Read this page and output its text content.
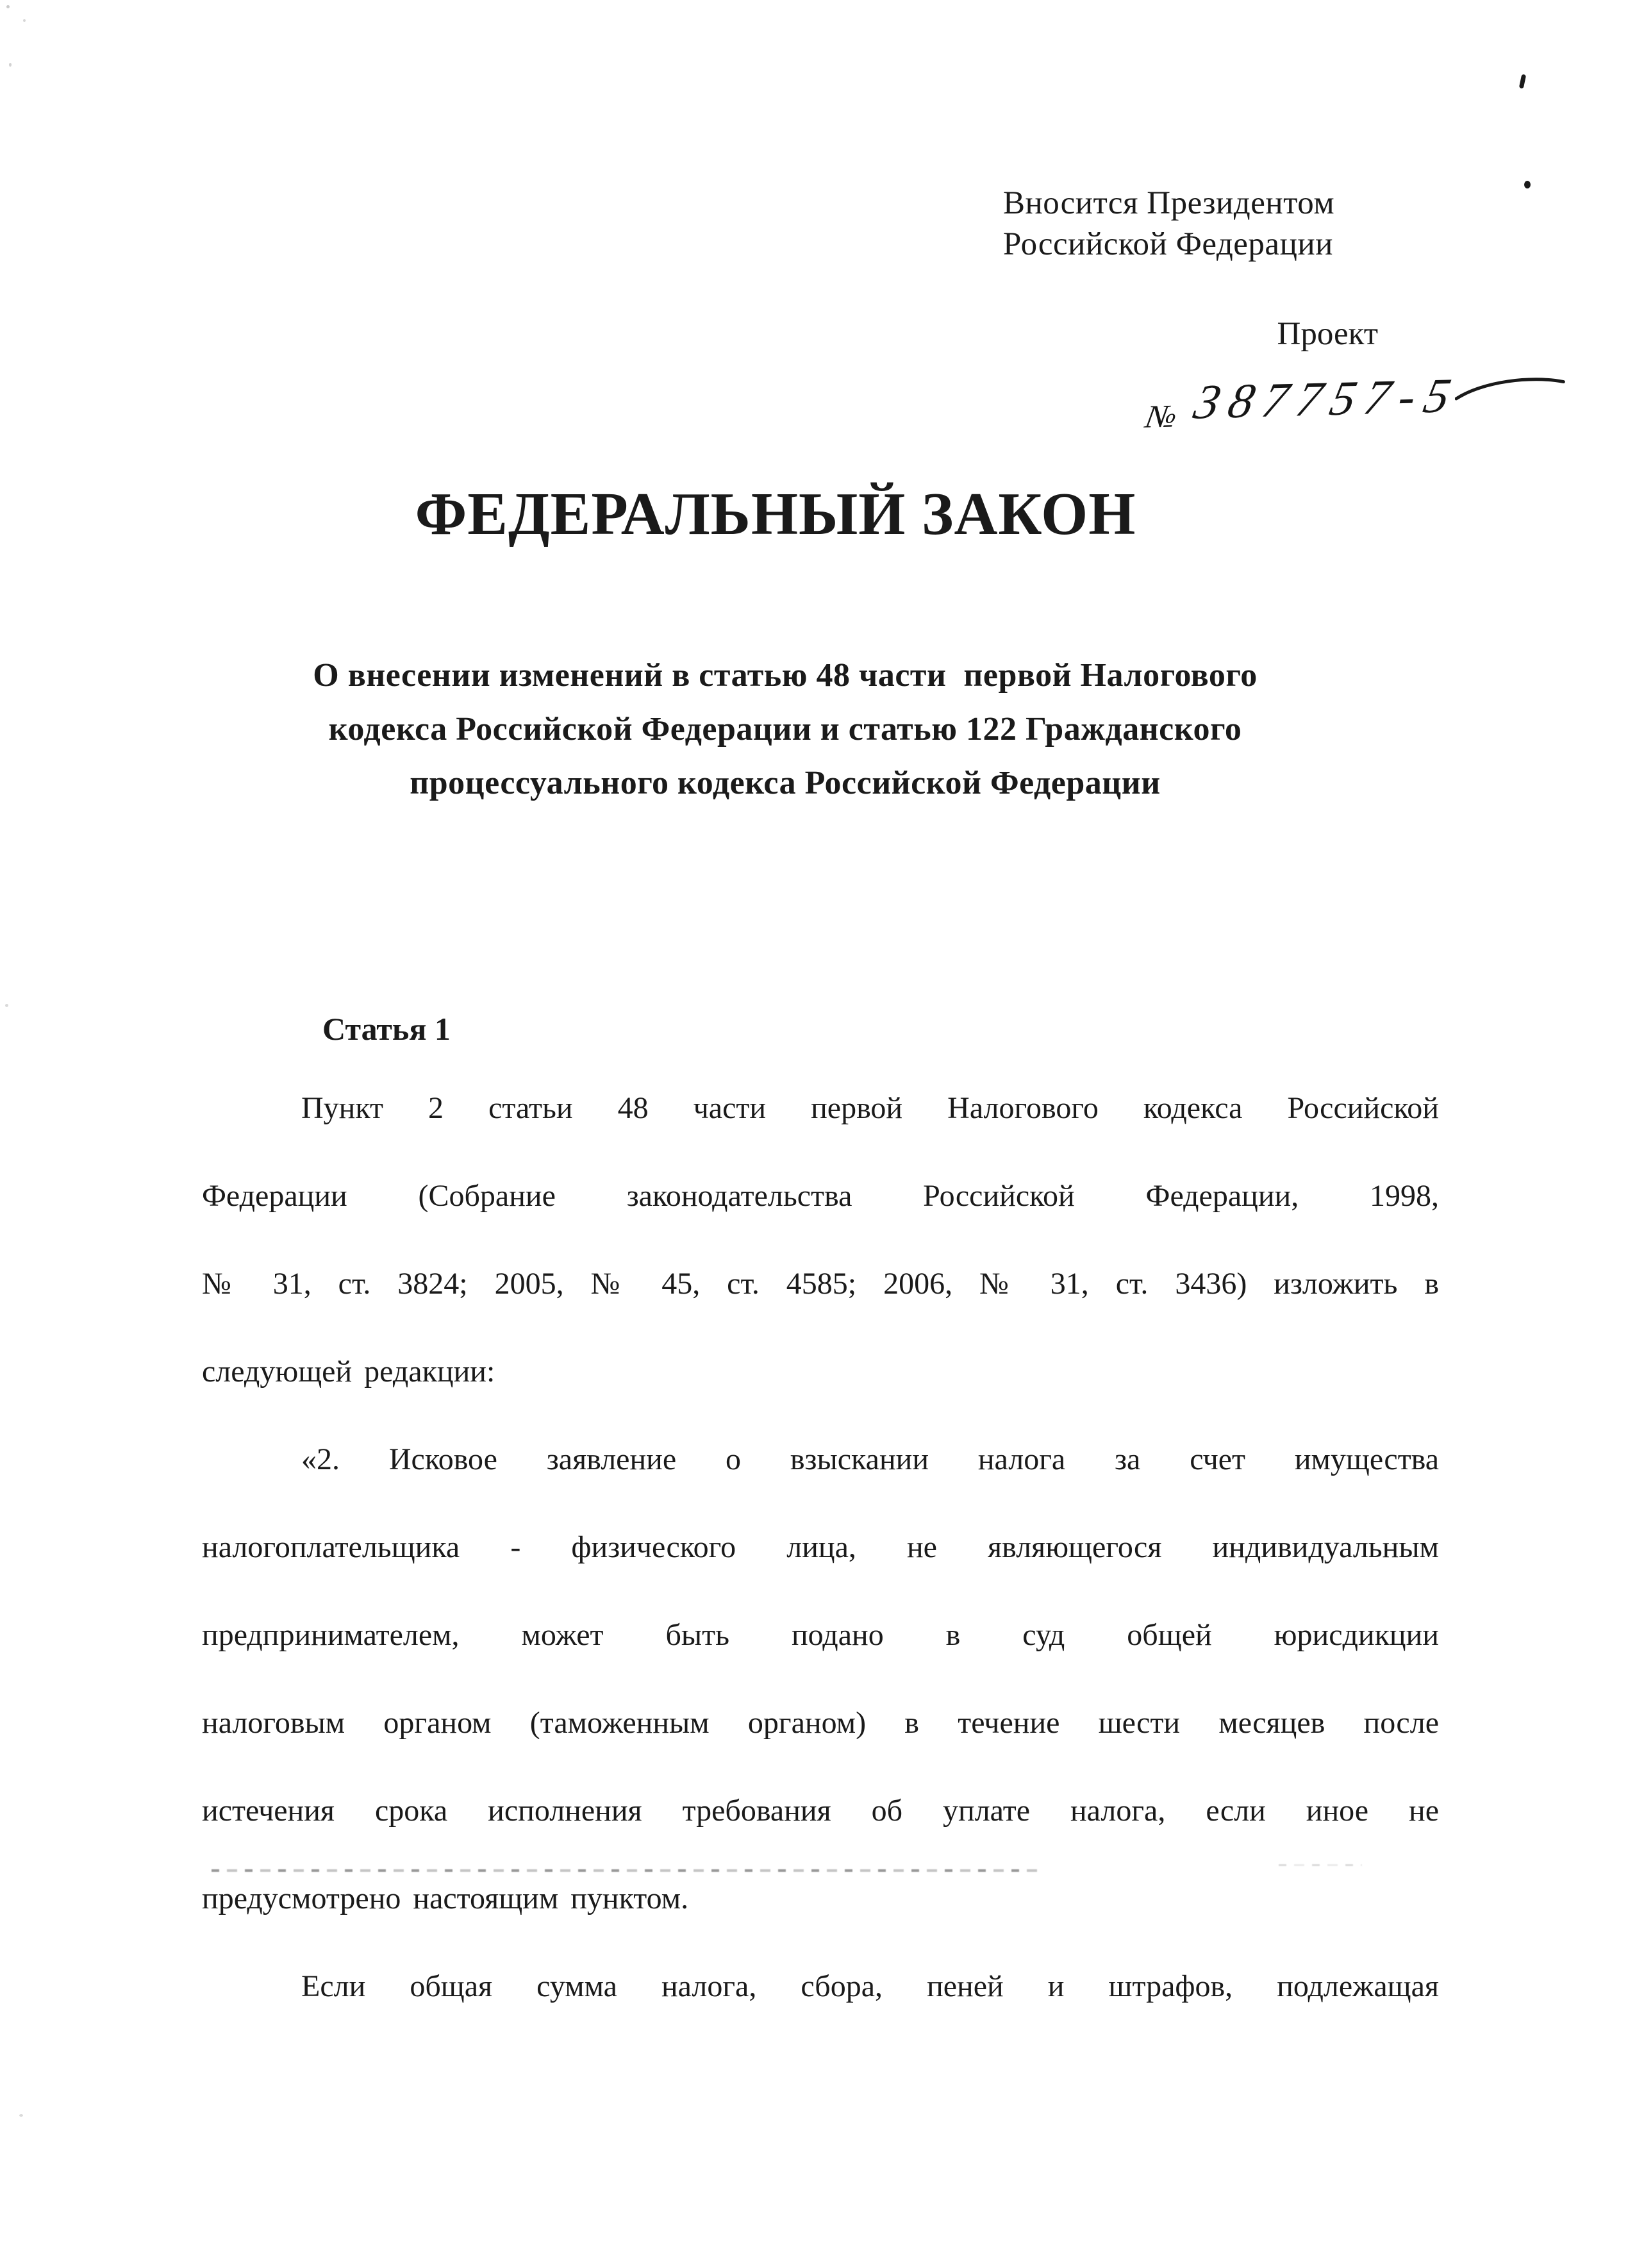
Вносится Президентом
Российской Федерации
Проект
№ 387757-5
ФЕДЕРАЛЬНЫЙ ЗАКОН
О внесении изменений в статью 48 части  первой Налогового
кодекса Российской Федерации и статью 122 Гражданского
процессуального кодекса Российской Федерации
Статья 1
Пункт 2 статьи 48 части первой Налогового кодекса Российской
Федерации (Собрание законодательства Российской Федерации, 1998,
№ 31, ст. 3824; 2005, № 45, ст. 4585; 2006, № 31, ст. 3436) изложить в
следующей редакции:
«2. Исковое заявление о взыскании налога за счет имущества
налогоплательщика - физического лица, не являющегося индивидуальным
предпринимателем, может быть подано в суд общей юрисдикции
налоговым органом (таможенным органом) в течение шести месяцев после
истечения срока исполнения требования об уплате налога, если иное не
предусмотрено настоящим пунктом.
Если общая сумма налога, сбора, пеней и штрафов, подлежащая
